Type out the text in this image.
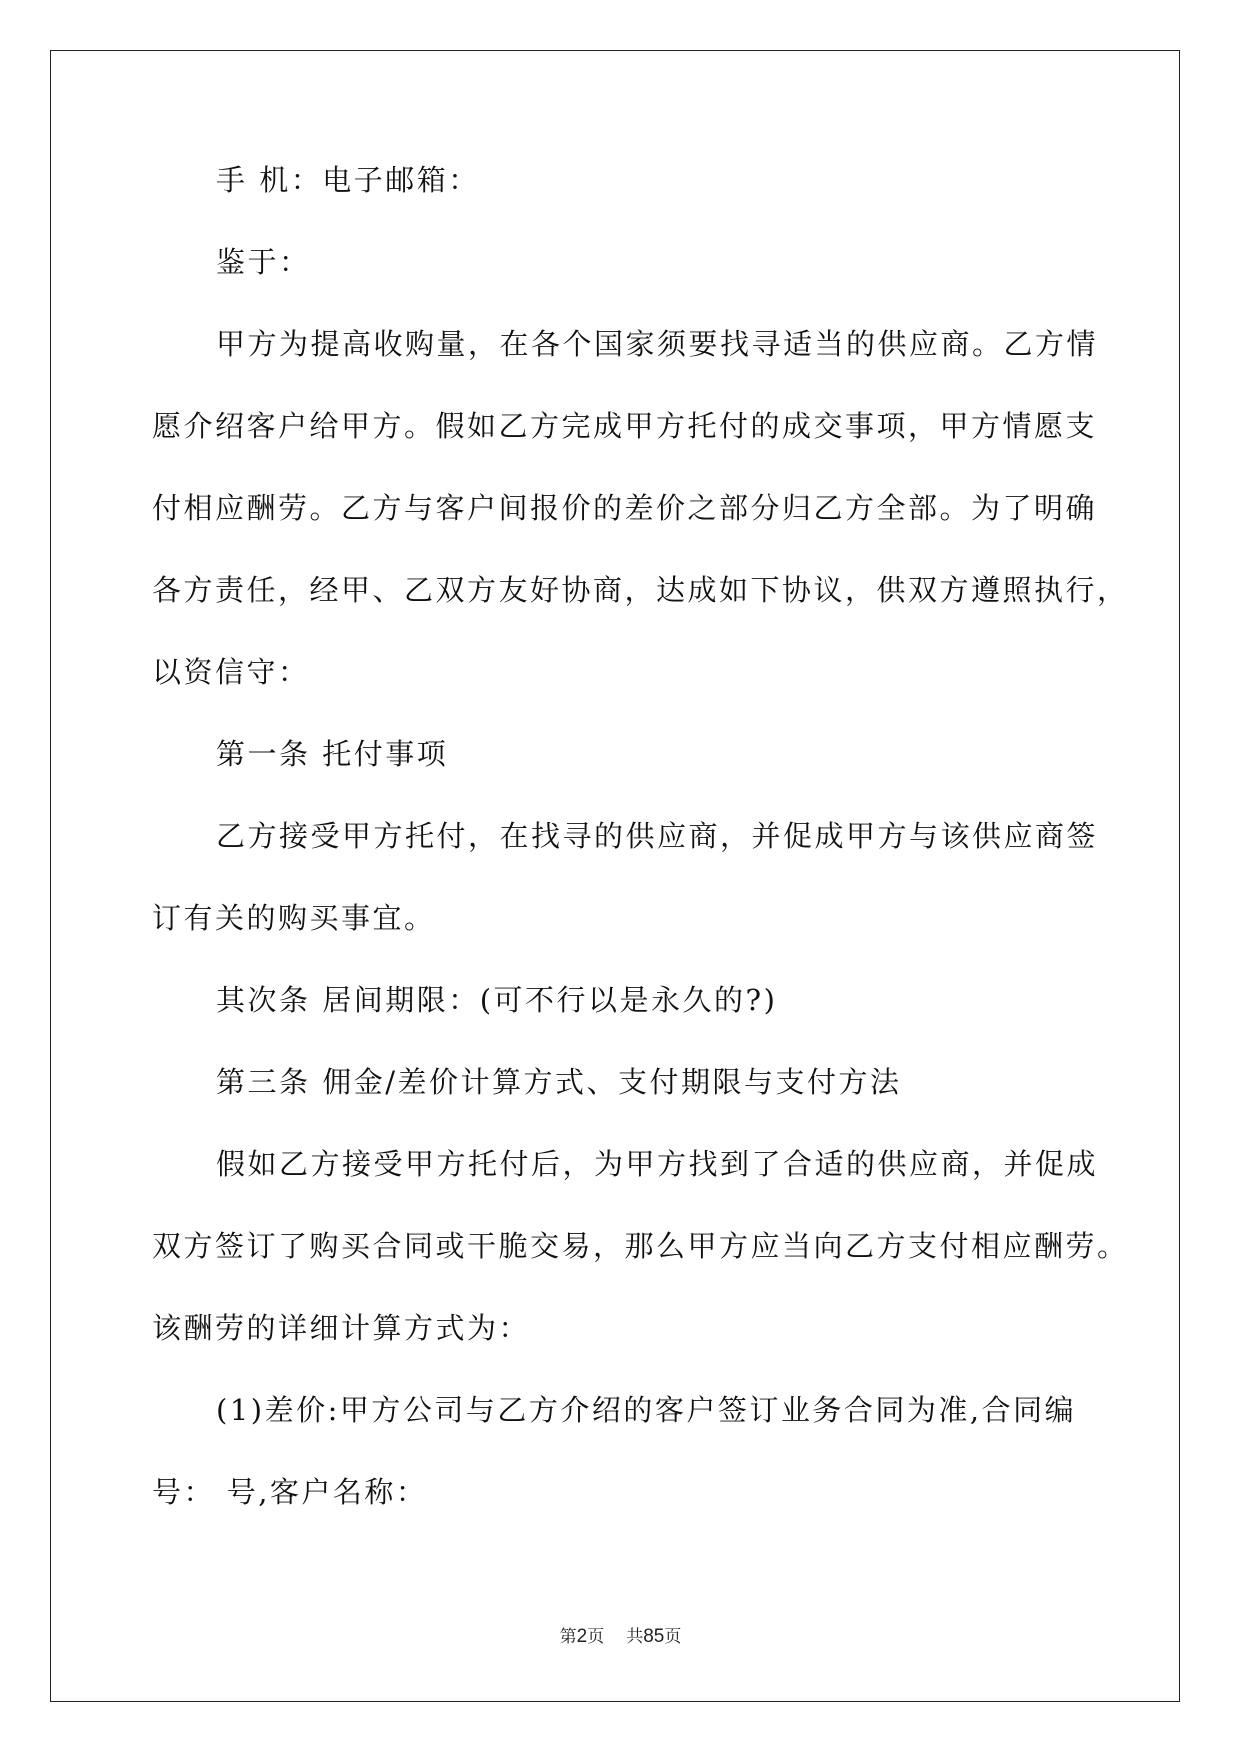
手 机：电子邮箱：
鉴于：
甲方为提高收购量，在各个国家须要找寻适当的供应商。乙方情
愿介绍客户给甲方。假如乙方完成甲方托付的成交事项，甲方情愿支
付相应酬劳。乙方与客户间报价的差价之部分归乙方全部。为了明确
各方责任，经甲、乙双方友好协商，达成如下协议，供双方遵照执行，
以资信守：
第一条 托付事项
乙方接受甲方托付，在找寻的供应商，并促成甲方与该供应商签
订有关的购买事宜。
其次条 居间期限：(可不行以是永久的?)
第三条 佣金/差价计算方式、支付期限与支付方法
假如乙方接受甲方托付后，为甲方找到了合适的供应商，并促成
双方签订了购买合同或干脆交易，那么甲方应当向乙方支付相应酬劳。
该酬劳的详细计算方式为：
(1)差价:甲方公司与乙方介绍的客户签订业务合同为准,合同编
号： 号,客户名称：
第2页 共85页
